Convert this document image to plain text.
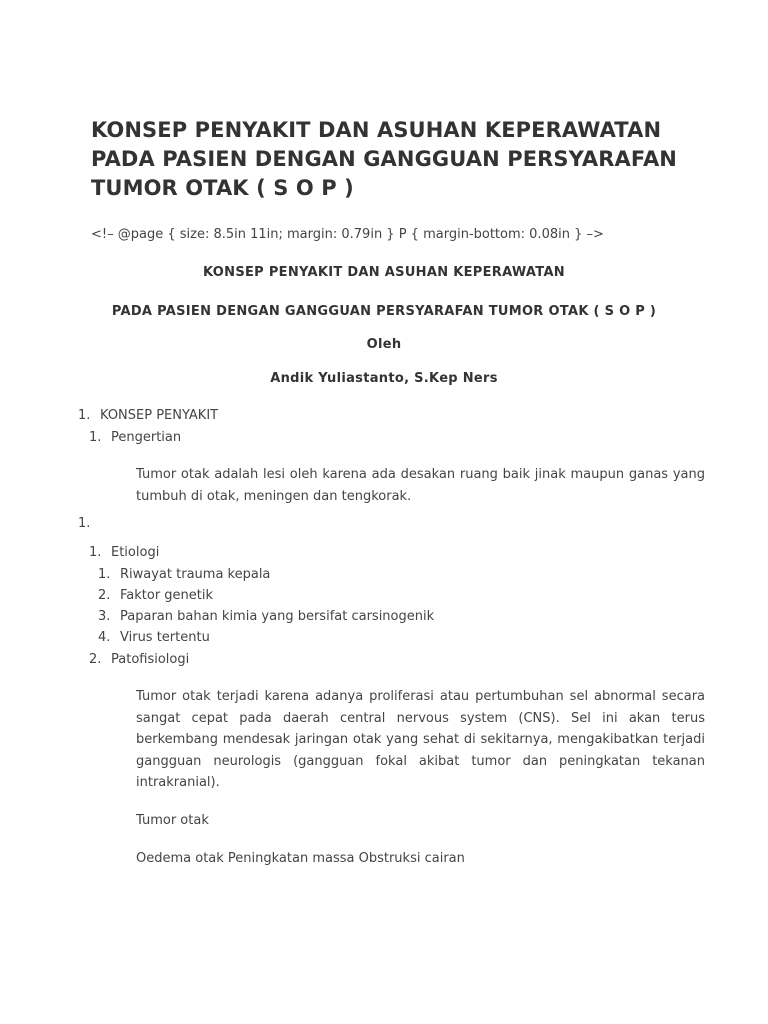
KONSEP PENYAKIT DAN ASUHAN KEPERAWATAN
PADA PASIEN DENGAN GANGGUAN PERSYARAFAN
TUMOR OTAK ( S O P )
<!– @page { size: 8.5in 11in; margin: 0.79in } P { margin-bottom: 0.08in } –>
KONSEP PENYAKIT DAN ASUHAN KEPERAWATAN
PADA PASIEN DENGAN GANGGUAN PERSYARAFAN TUMOR OTAK ( S O P )
Oleh
Andik Yuliastanto, S.Kep Ners
1. KONSEP PENYAKIT
1. Pengertian
Tumor otak adalah lesi oleh karena ada desakan ruang baik jinak maupun ganas yang tumbuh di otak, meningen dan tengkorak.
1.
1. Etiologi
1. Riwayat trauma kepala
2. Faktor genetik
3. Paparan bahan kimia yang bersifat carsinogenik
4. Virus tertentu
2. Patofisiologi
Tumor otak terjadi karena adanya proliferasi atau pertumbuhan sel abnormal secara sangat cepat pada daerah central nervous system (CNS). Sel ini akan terus berkembang mendesak jaringan otak yang sehat di sekitarnya, mengakibatkan terjadi gangguan neurologis (gangguan fokal akibat tumor dan peningkatan tekanan intrakranial).
Tumor otak
Oedema otak Peningkatan massa Obstruksi cairan
